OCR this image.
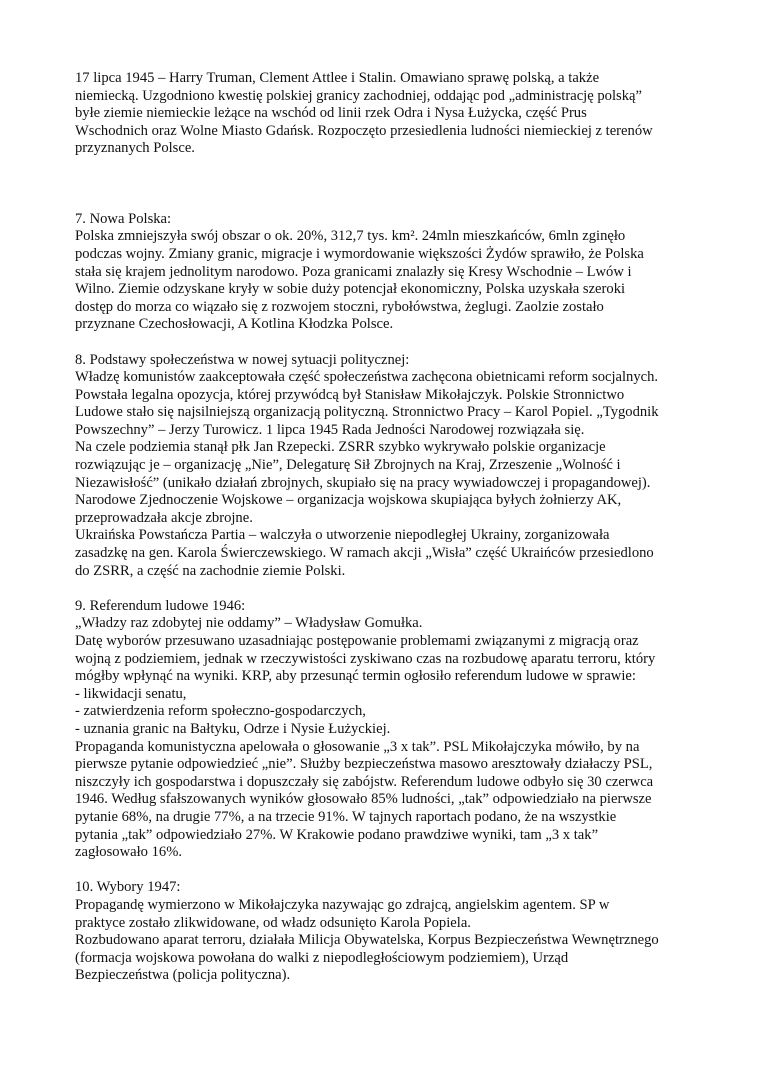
17 lipca 1945 – Harry Truman, Clement Attlee i Stalin. Omawiano sprawę polską, a także
niemiecką. Uzgodniono kwestię polskiej granicy zachodniej, oddając pod „administrację polską”
byłe ziemie niemieckie leżące na wschód od linii rzek Odra i Nysa Łużycka, część Prus
Wschodnich oraz Wolne Miasto Gdańsk. Rozpoczęto przesiedlenia ludności niemieckiej z terenów
przyznanych Polsce.
7. Nowa Polska:
Polska zmniejszyła swój obszar o ok. 20%, 312,7 tys. km². 24mln mieszkańców, 6mln zginęło
podczas wojny. Zmiany granic, migracje i wymordowanie większości Żydów sprawiło, że Polska
stała się krajem jednolitym narodowo. Poza granicami znalazły się Kresy Wschodnie – Lwów i
Wilno. Ziemie odzyskane kryły w sobie duży potencjał ekonomiczny, Polska uzyskała szeroki
dostęp do morza co wiązało się z rozwojem stoczni, rybołówstwa, żeglugi. Zaolzie zostało
przyznane Czechosłowacji, A Kotlina Kłodzka Polsce.
8. Podstawy społeczeństwa w nowej sytuacji politycznej:
Władzę komunistów zaakceptowała część społeczeństwa zachęcona obietnicami reform socjalnych.
Powstała legalna opozycja, której przywódcą był Stanisław Mikołajczyk. Polskie Stronnictwo
Ludowe stało się najsilniejszą organizacją polityczną. Stronnictwo Pracy – Karol Popiel. „Tygodnik
Powszechny” – Jerzy Turowicz. 1 lipca 1945 Rada Jedności Narodowej rozwiązała się.
Na czele podziemia stanął płk Jan Rzepecki. ZSRR szybko wykrywało polskie organizacje
rozwiązując je – organizację „Nie”, Delegaturę Sił Zbrojnych na Kraj, Zrzeszenie „Wolność i
Niezawisłość” (unikało działań zbrojnych, skupiało się na pracy wywiadowczej i propagandowej).
Narodowe Zjednoczenie Wojskowe – organizacja wojskowa skupiająca byłych żołnierzy AK,
przeprowadzała akcje zbrojne.
Ukraińska Powstańcza Partia – walczyła o utworzenie niepodległej Ukrainy, zorganizowała
zasadzkę na gen. Karola Świerczewskiego. W ramach akcji „Wisła” część Ukraińców przesiedlono
do ZSRR, a część na zachodnie ziemie Polski.
9. Referendum ludowe 1946:
„Władzy raz zdobytej nie oddamy” – Władysław Gomułka.
Datę wyborów przesuwano uzasadniając postępowanie problemami związanymi z migracją oraz
wojną z podziemiem, jednak w rzeczywistości zyskiwano czas na rozbudowę aparatu terroru, który
mógłby wpłynąć na wyniki. KRP, aby przesunąć termin ogłosiło referendum ludowe w sprawie:
- likwidacji senatu,
- zatwierdzenia reform społeczno-gospodarczych,
- uznania granic na Bałtyku, Odrze i Nysie Łużyckiej.
Propaganda komunistyczna apelowała o głosowanie „3 x tak”. PSL Mikołajczyka mówiło, by na
pierwsze pytanie odpowiedzieć „nie”. Służby bezpieczeństwa masowo aresztowały działaczy PSL,
niszczyły ich gospodarstwa i dopuszczały się zabójstw. Referendum ludowe odbyło się 30 czerwca
1946. Według sfałszowanych wyników głosowało 85% ludności, „tak” odpowiedziało na pierwsze
pytanie 68%, na drugie 77%, a na trzecie 91%. W tajnych raportach podano, że na wszystkie
pytania „tak” odpowiedziało 27%. W Krakowie podano prawdziwe wyniki, tam „3 x tak”
zagłosowało 16%.
10. Wybory 1947:
Propagandę wymierzono w Mikołajczyka nazywając go zdrajcą, angielskim agentem. SP w
praktyce zostało zlikwidowane, od władz odsunięto Karola Popiela.
Rozbudowano aparat terroru, działała Milicja Obywatelska, Korpus Bezpieczeństwa Wewnętrznego
(formacja wojskowa powołana do walki z niepodległościowym podziemiem), Urząd
Bezpieczeństwa (policja polityczna).
